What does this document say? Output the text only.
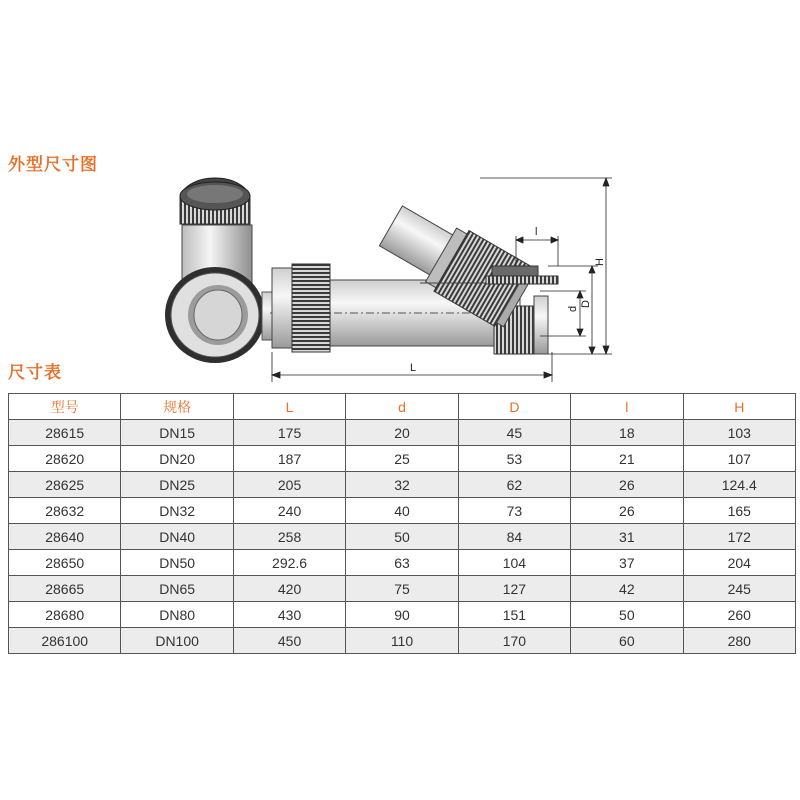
外型尺寸图
L
H
l
d
D
尺寸表
型号	规格	L	d	D	l	H
28615	DN15	175	20	45	18	103
28620	DN20	187	25	53	21	107
28625	DN25	205	32	62	26	124.4
28632	DN32	240	40	73	26	165
28640	DN40	258	50	84	31	172
28650	DN50	292.6	63	104	37	204
28665	DN65	420	75	127	42	245
28680	DN80	430	90	151	50	260
286100	DN100	450	110	170	60	280
